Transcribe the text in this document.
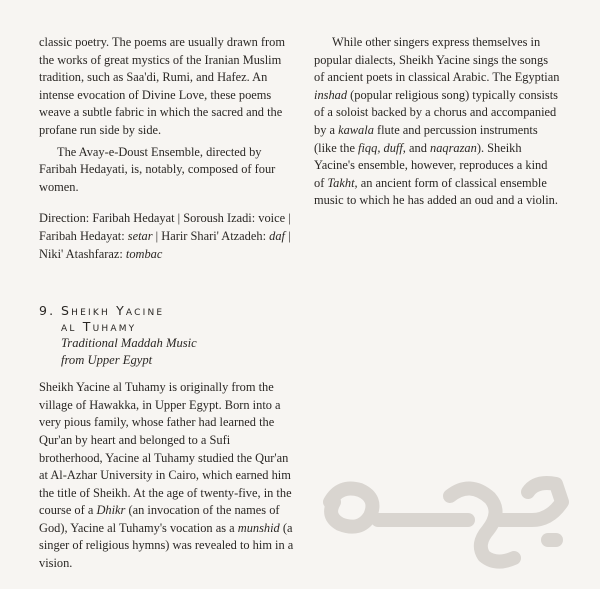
classic poetry. The poems are usually drawn from the works of great mystics of the Iranian Muslim tradition, such as Saa'di, Rumi, and Hafez. An intense evocation of Divine Love, these poems weave a subtle fabric in which the sacred and the profane run side by side.

The Avay-e-Doust Ensemble, directed by Faribah Hedayati, is, notably, composed of four women.

Direction: Faribah Hedayat | Soroush Izadi: voice | Faribah Hedayat: setar | Harir Shari' Atzadeh: daf | Niki' Atashfaraz: tombac

9. Sheikh Yacine
al Tuhamy
Traditional Maddah Music
from Upper Egypt

Sheikh Yacine al Tuhamy is originally from the village of Hawakka, in Upper Egypt. Born into a very pious family, whose father had learned the Qur'an by heart and belonged to a Sufi brotherhood, Yacine al Tuhamy studied the Qur'an at Al-Azhar University in Cairo, which earned him the title of Sheikh. At the age of twenty-five, in the course of a Dhikr (an invocation of the names of God), Yacine al Tuhamy's vocation as a munshid (a singer of religious hymns) was revealed to him in a vision.

While other singers express themselves in popular dialects, Sheikh Yacine sings the songs of ancient poets in classical Arabic. The Egyptian inshad (popular religious song) typically consists of a soloist backed by a chorus and accompanied by a kawala flute and percussion instruments (like the fiqq, duff, and naqrazan). Sheikh Yacine's ensemble, however, reproduces a kind of Takht, an ancient form of classical ensemble music to which he has added an oud and a violin.
